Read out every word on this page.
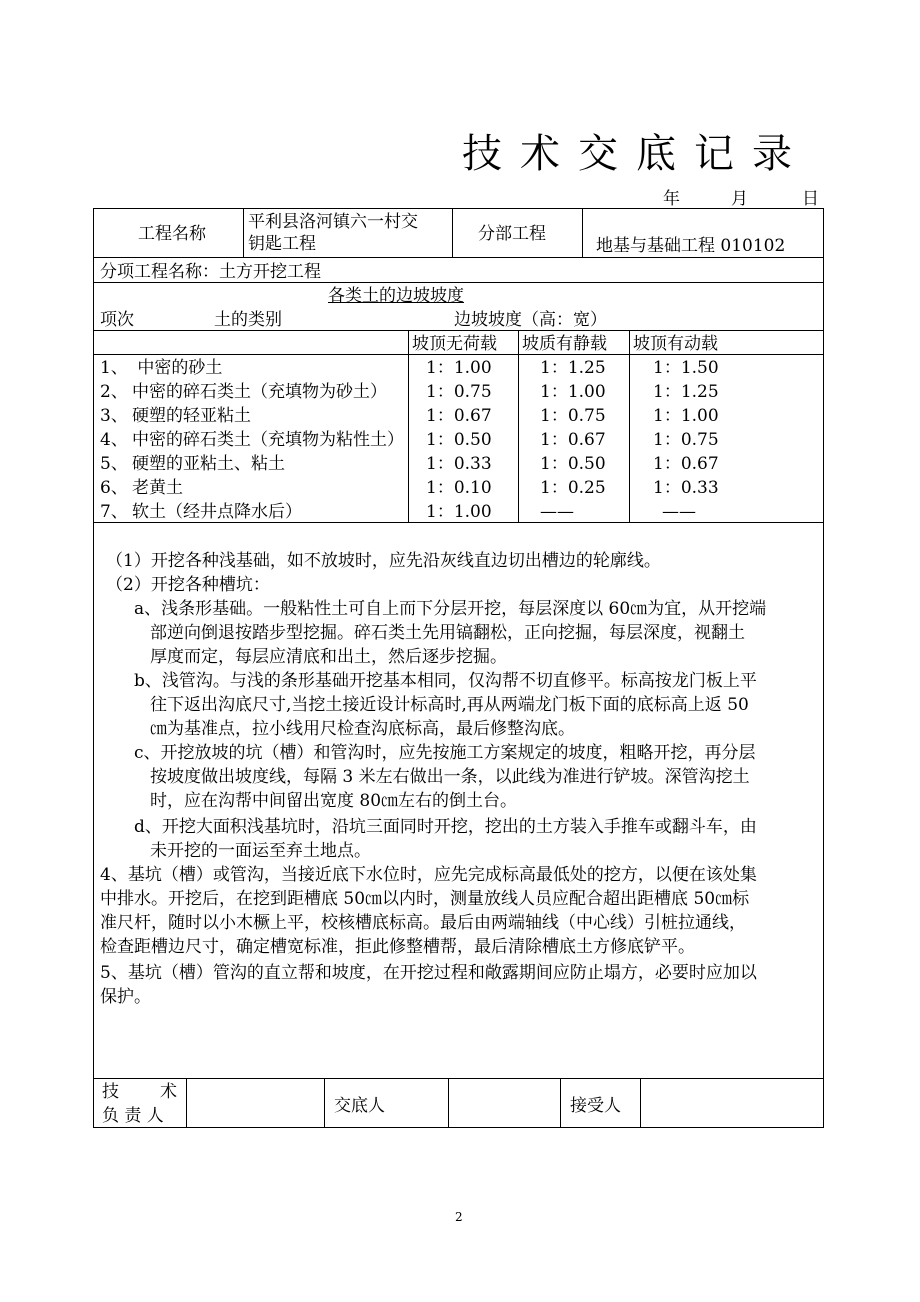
技术交底记录
年	月	日
工程名称
平利县洛河镇六一村交
钥匙工程	分部工程
地基与基础工程 010102
分项工程名称：土方开挖工程
各类土的边坡坡度
项次	土的类别	边坡坡度（高：宽）
坡顶无荷载 坡质有静载 坡顶有动载
1、 中密的砂土	1：1.00	1：1.25	1：1.50
2、 中密的碎石类土（充填物为砂土） 1：0.75	1：1.00	1：1.25
3、 硬塑的轻亚粘土	1：0.67	1：0.75	1：1.00
4、 中密的碎石类土（充填物为粘性土） 1：0.50	1：0.67	1：0.75
5、 硬塑的亚粘土、粘土	1：0.33	1：0.50	1：0.67
6、 老黄土	1：0.10	1：0.25	1：0.33
7、 软土（经井点降水后）	1：1.00	——	——
（1）开挖各种浅基础，如不放坡时，应先沿灰线直边切出槽边的轮廓线。
（2）开挖各种槽坑：
a、浅条形基础。一般粘性土可自上而下分层开挖，每层深度以 60㎝为宜，从开挖端
部逆向倒退按踏步型挖掘。碎石类土先用镐翻松，正向挖掘，每层深度，视翻土
厚度而定，每层应清底和出土，然后逐步挖掘。
b、浅管沟。与浅的条形基础开挖基本相同，仅沟帮不切直修平。标高按龙门板上平
往下返出沟底尺寸,当挖土接近设计标高时,再从两端龙门板下面的底标高上返 50
㎝为基准点，拉小线用尺检查沟底标高，最后修整沟底。
c、开挖放坡的坑（槽）和管沟时，应先按施工方案规定的坡度，粗略开挖，再分层
按坡度做出坡度线，每隔 3 米左右做出一条，以此线为准进行铲坡。深管沟挖土
时，应在沟帮中间留出宽度 80㎝左右的倒土台。
d、开挖大面积浅基坑时，沿坑三面同时开挖，挖出的土方装入手推车或翻斗车，由
未开挖的一面运至弃土地点。
4、基坑（槽）或管沟，当接近底下水位时，应先完成标高最低处的挖方，以便在该处集
中排水。开挖后，在挖到距槽底 50㎝以内时，测量放线人员应配合超出距槽底 50㎝标
准尺杆，随时以小木橛上平，校核槽底标高。最后由两端轴线（中心线）引桩拉通线，
检查距槽边尺寸，确定槽宽标准，拒此修整槽帮，最后清除槽底土方修底铲平。
5、基坑（槽）管沟的直立帮和坡度，在开挖过程和敞露期间应防止塌方，必要时应加以
保护。
技 术
负 责 人	交底人	接受人
2
